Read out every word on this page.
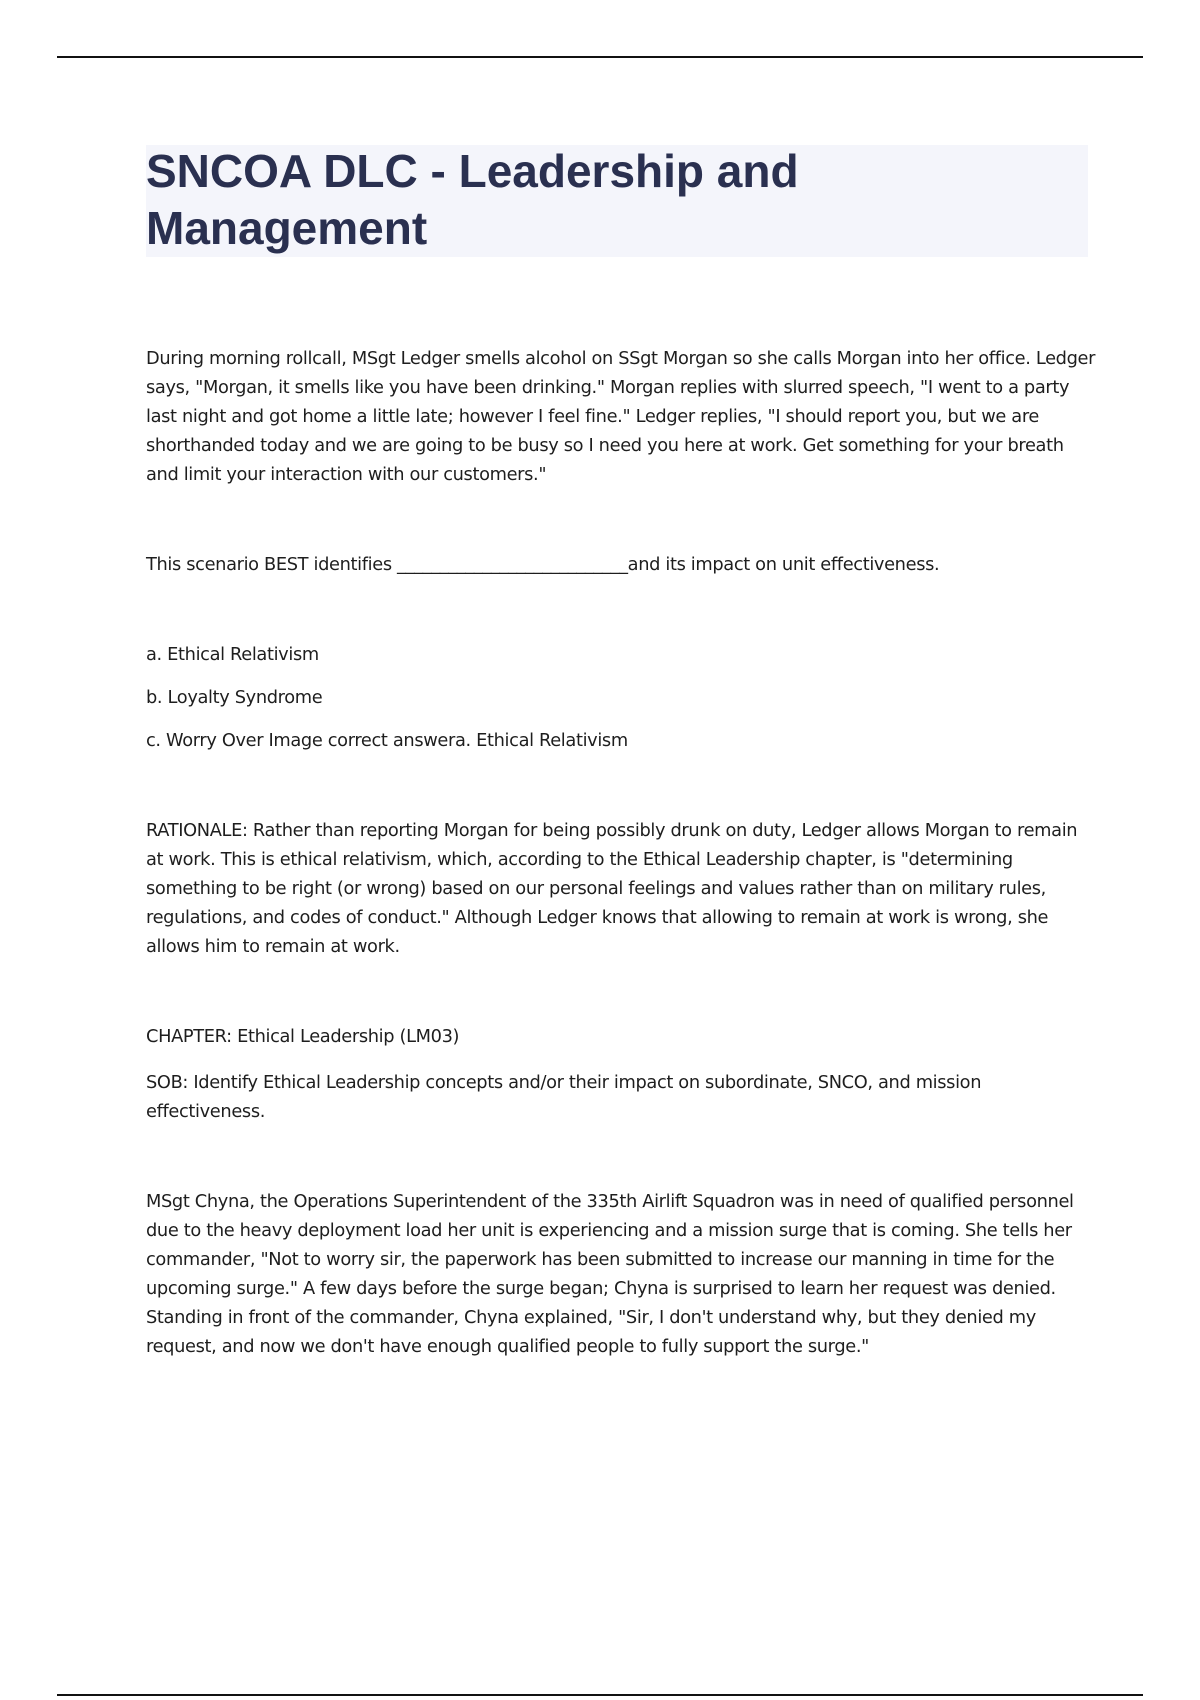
SNCOA DLC - Leadership and Management

During morning rollcall, MSgt Ledger smells alcohol on SSgt Morgan so she calls Morgan into her office. Ledger says, "Morgan, it smells like you have been drinking." Morgan replies with slurred speech, "I went to a party last night and got home a little late; however I feel fine." Ledger replies, "I should report you, but we are shorthanded today and we are going to be busy so I need you here at work. Get something for your breath and limit your interaction with our customers."

This scenario BEST identifies ___________________________and its impact on unit effectiveness.

a. Ethical Relativism

b. Loyalty Syndrome

c. Worry Over Image correct answera. Ethical Relativism

RATIONALE: Rather than reporting Morgan for being possibly drunk on duty, Ledger allows Morgan to remain at work. This is ethical relativism, which, according to the Ethical Leadership chapter, is "determining something to be right (or wrong) based on our personal feelings and values rather than on military rules, regulations, and codes of conduct." Although Ledger knows that allowing to remain at work is wrong, she allows him to remain at work.

CHAPTER: Ethical Leadership (LM03)

SOB: Identify Ethical Leadership concepts and/or their impact on subordinate, SNCO, and mission effectiveness.

MSgt Chyna, the Operations Superintendent of the 335th Airlift Squadron was in need of qualified personnel due to the heavy deployment load her unit is experiencing and a mission surge that is coming. She tells her commander, "Not to worry sir, the paperwork has been submitted to increase our manning in time for the upcoming surge." A few days before the surge began; Chyna is surprised to learn her request was denied. Standing in front of the commander, Chyna explained, "Sir, I don't understand why, but they denied my request, and now we don't have enough qualified people to fully support the surge."
